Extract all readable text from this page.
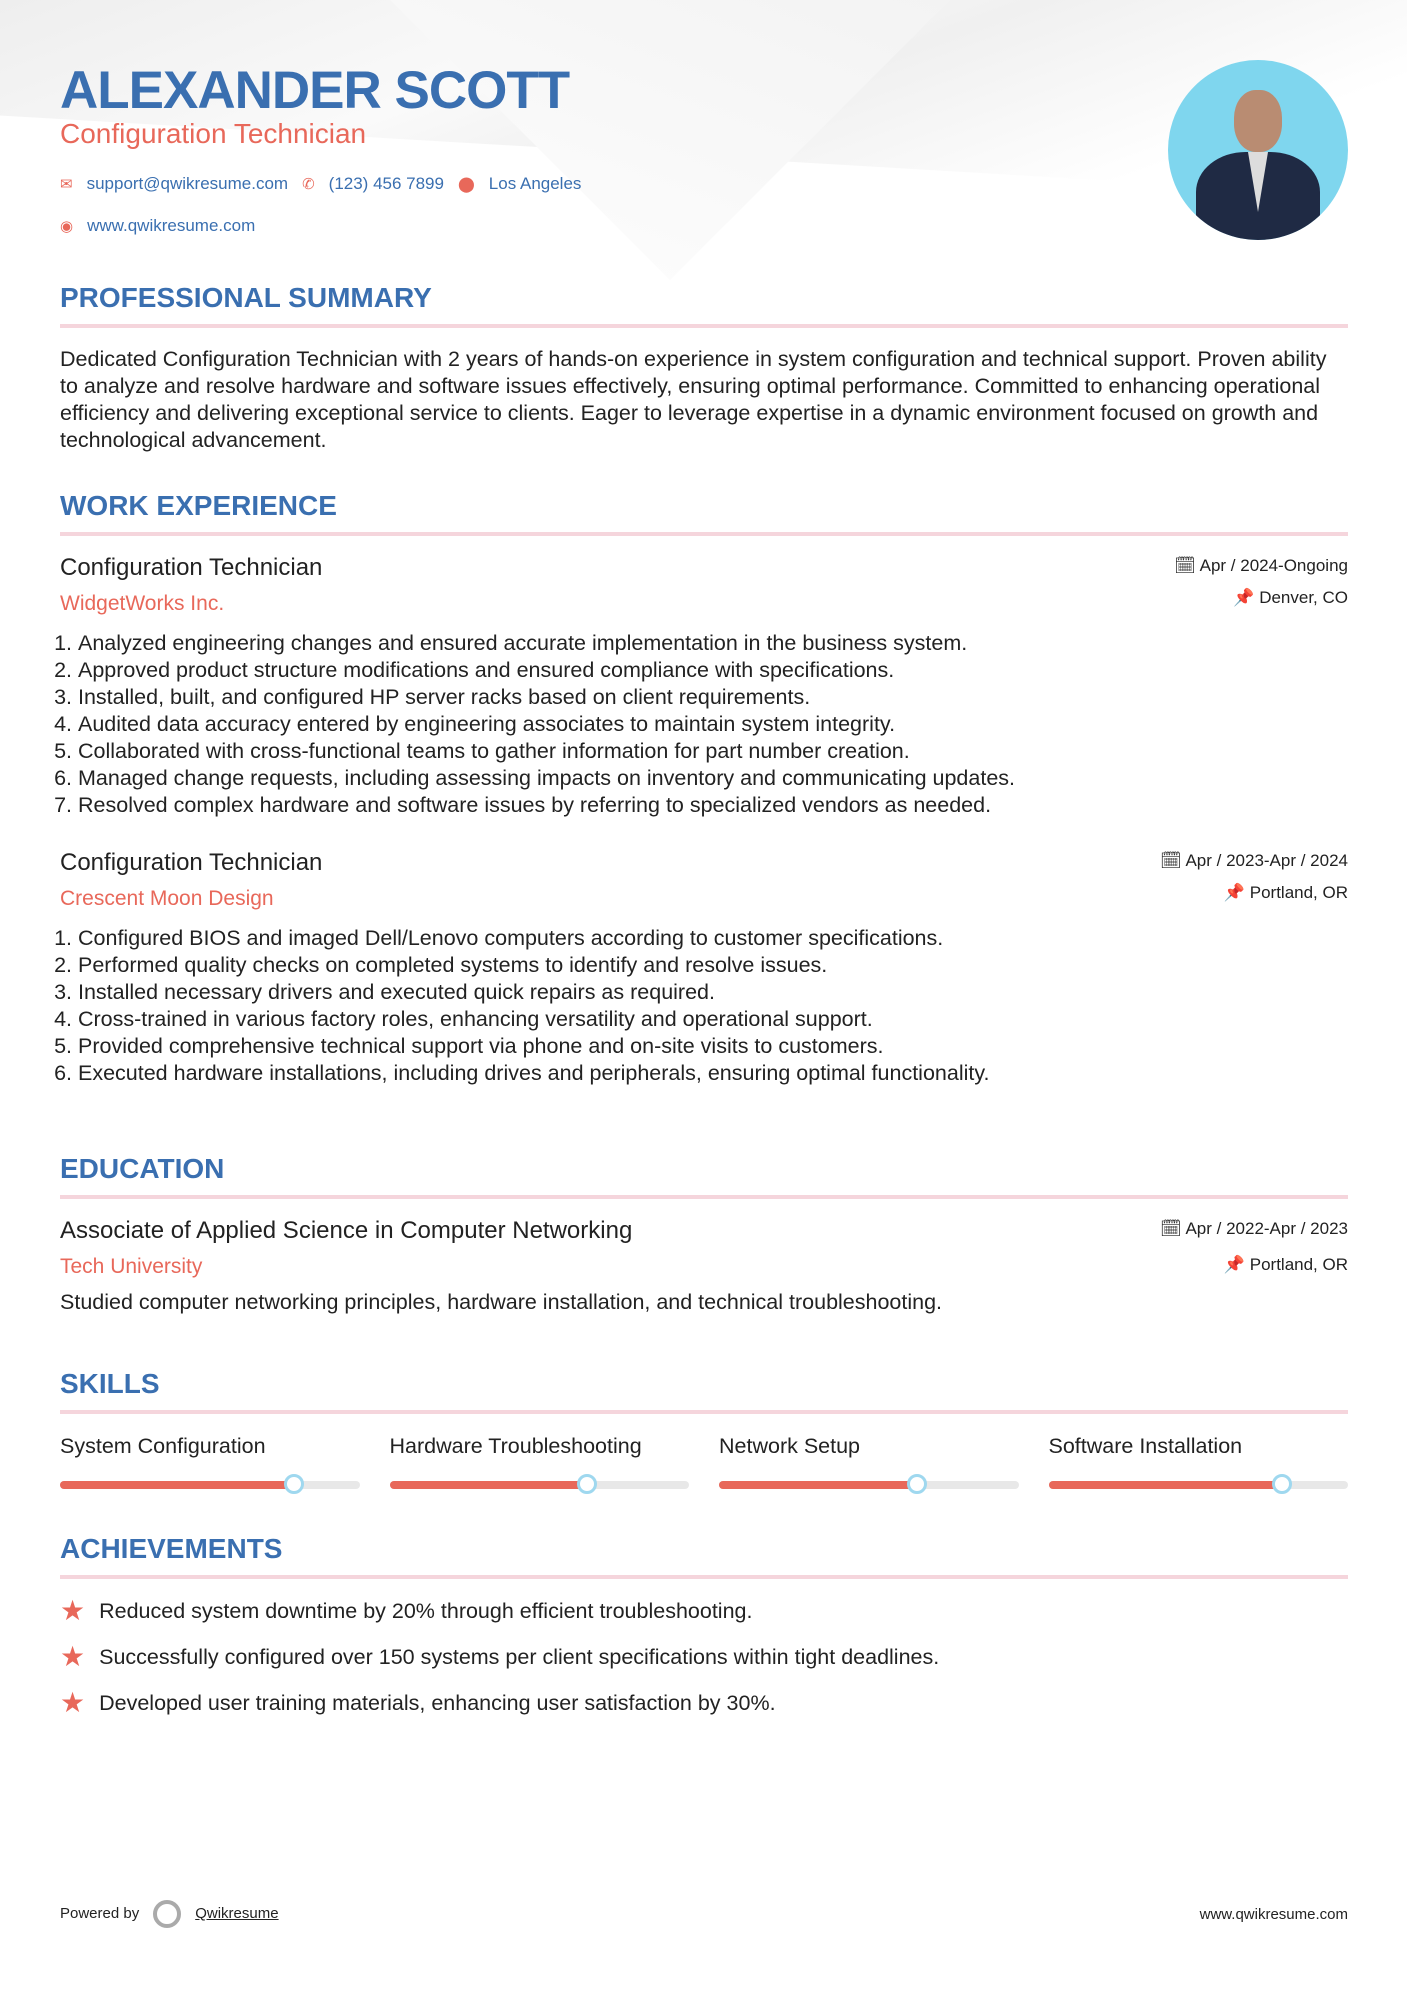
ALEXANDER SCOTT
Configuration Technician
✉ support@qwikresume.com ✆ (123) 456 7899 ⬤ Los Angeles
◉ www.qwikresume.com
PROFESSIONAL SUMMARY

Dedicated Configuration Technician with 2 years of hands-on experience in system configuration and technical support. Proven ability to analyze and resolve hardware and software issues effectively, ensuring optimal performance. Committed to enhancing operational efficiency and delivering exceptional service to clients. Eager to leverage expertise in a dynamic environment focused on growth and technological advancement.

WORK EXPERIENCE
🗓 Apr / 2024-Ongoing
📌 Denver, CO
Configuration Technician
WidgetWorks Inc.
1. Analyzed engineering changes and ensured accurate implementation in the business system.
2. Approved product structure modifications and ensured compliance with specifications.
3. Installed, built, and configured HP server racks based on client requirements.
4. Audited data accuracy entered by engineering associates to maintain system integrity.
5. Collaborated with cross-functional teams to gather information for part number creation.
6. Managed change requests, including assessing impacts on inventory and communicating updates.
7. Resolved complex hardware and software issues by referring to specialized vendors as needed.
🗓 Apr / 2023-Apr / 2024
📌 Portland, OR
Configuration Technician
Crescent Moon Design
1. Configured BIOS and imaged Dell/Lenovo computers according to customer specifications.
2. Performed quality checks on completed systems to identify and resolve issues.
3. Installed necessary drivers and executed quick repairs as required.
4. Cross-trained in various factory roles, enhancing versatility and operational support.
5. Provided comprehensive technical support via phone and on-site visits to customers.
6. Executed hardware installations, including drives and peripherals, ensuring optimal functionality.
EDUCATION
🗓 Apr / 2022-Apr / 2023
📌 Portland, OR
Associate of Applied Science in Computer Networking
Tech University

Studied computer networking principles, hardware installation, and technical troubleshooting.

SKILLS
System Configuration	Hardware Troubleshooting	Network Setup	Software Installation
ACHIEVEMENTS
★ Reduced system downtime by 20% through efficient troubleshooting.
★ Successfully configured over 150 systems per client specifications within tight deadlines.
★ Developed user training materials, enhancing user satisfaction by 30%.
Powered by	Qwikresume	www.qwikresume.com
